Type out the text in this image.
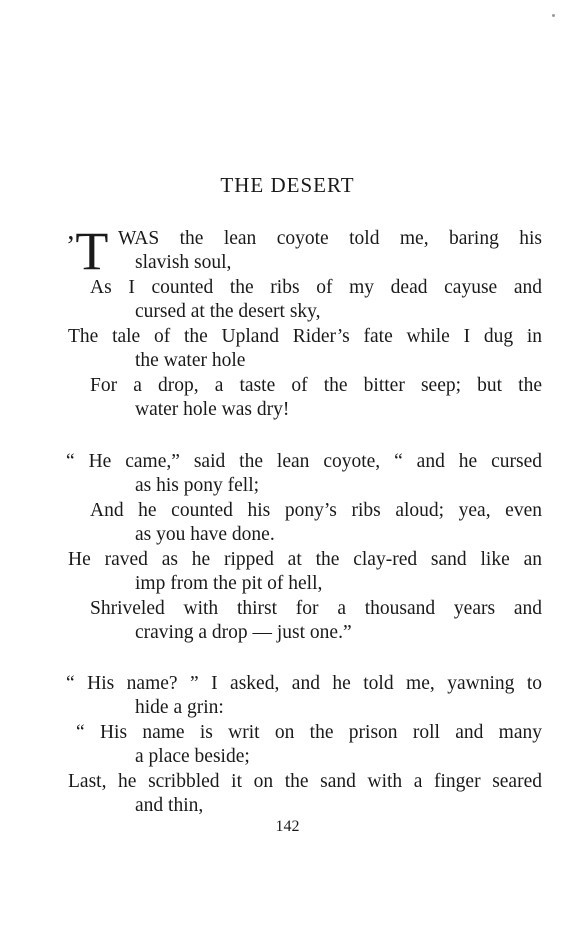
THE DESERT
’T WAS the lean coyote told me, baring his
slavish soul,
As I counted the ribs of my dead cayuse and
cursed at the desert sky,
The tale of the Upland Rider’s fate while I dug in
the water hole
For a drop, a taste of the bitter seep; but the
water hole was dry!
“ He came,” said the lean coyote, “ and he cursed
as his pony fell;
And he counted his pony’s ribs aloud; yea, even
as you have done.
He raved as he ripped at the clay-red sand like an
imp from the pit of hell,
Shriveled with thirst for a thousand years and
craving a drop — just one.”
“ His name? ” I asked, and he told me, yawning to
hide a grin:
“ His name is writ on the prison roll and many
a place beside;
Last, he scribbled it on the sand with a finger seared
and thin,
142
